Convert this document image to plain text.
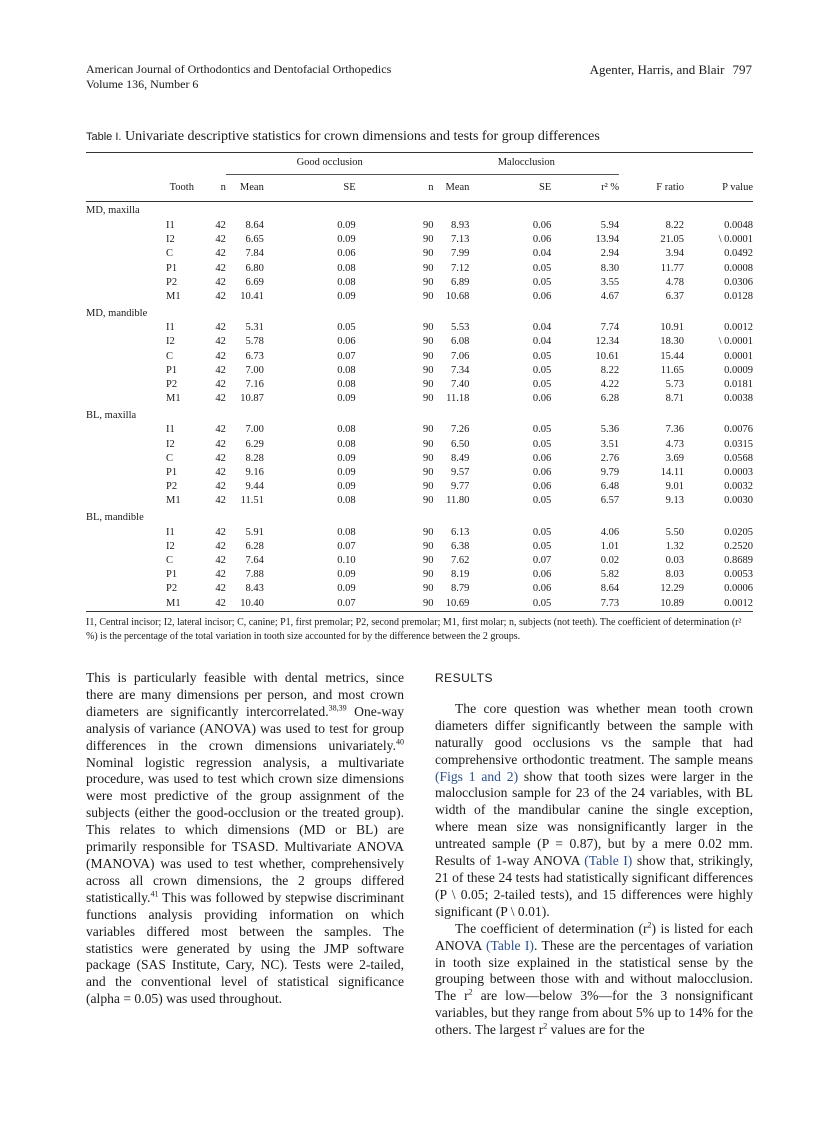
American Journal of Orthodontics and Dentofacial Orthopedics
Volume 136, Number 6
Agenter, Harris, and Blair 797
Table I. Univariate descriptive statistics for crown dimensions and tests for group differences
		Good occlusion			Malocclusion				
Tooth	n	Mean	SE	n	Mean	SE	r² %	F ratio	P value
MD, maxilla									
I1	42	8.64	0.09	90	8.93	0.06	5.94	8.22	0.0048
I2	42	6.65	0.09	90	7.13	0.06	13.94	21.05	\ 0.0001
C	42	7.84	0.06	90	7.99	0.04	2.94	3.94	0.0492
P1	42	6.80	0.08	90	7.12	0.05	8.30	11.77	0.0008
P2	42	6.69	0.08	90	6.89	0.05	3.55	4.78	0.0306
M1	42	10.41	0.09	90	10.68	0.06	4.67	6.37	0.0128
MD, mandible									
I1	42	5.31	0.05	90	5.53	0.04	7.74	10.91	0.0012
I2	42	5.78	0.06	90	6.08	0.04	12.34	18.30	\ 0.0001
C	42	6.73	0.07	90	7.06	0.05	10.61	15.44	0.0001
P1	42	7.00	0.08	90	7.34	0.05	8.22	11.65	0.0009
P2	42	7.16	0.08	90	7.40	0.05	4.22	5.73	0.0181
M1	42	10.87	0.09	90	11.18	0.06	6.28	8.71	0.0038
BL, maxilla									
I1	42	7.00	0.08	90	7.26	0.05	5.36	7.36	0.0076
I2	42	6.29	0.08	90	6.50	0.05	3.51	4.73	0.0315
C	42	8.28	0.09	90	8.49	0.06	2.76	3.69	0.0568
P1	42	9.16	0.09	90	9.57	0.06	9.79	14.11	0.0003
P2	42	9.44	0.09	90	9.77	0.06	6.48	9.01	0.0032
M1	42	11.51	0.08	90	11.80	0.05	6.57	9.13	0.0030
BL, mandible									
I1	42	5.91	0.08	90	6.13	0.05	4.06	5.50	0.0205
I2	42	6.28	0.07	90	6.38	0.05	1.01	1.32	0.2520
C	42	7.64	0.10	90	7.62	0.07	0.02	0.03	0.8689
P1	42	7.88	0.09	90	8.19	0.06	5.82	8.03	0.0053
P2	42	8.43	0.09	90	8.79	0.06	8.64	12.29	0.0006
M1	42	10.40	0.07	90	10.69	0.05	7.73	10.89	0.0012
I1, Central incisor; I2, lateral incisor; C, canine; P1, first premolar; P2, second premolar; M1, first molar; n, subjects (not teeth). The coefficient of determination (r² %) is the percentage of the total variation in tooth size accounted for by the difference between the 2 groups.

This is particularly feasible with dental metrics, since there are many dimensions per person, and most crown diameters are significantly intercorrelated.$^{38,39}$ One-way analysis of variance (ANOVA) was used to test for group differences in the crown dimensions univariately.$^{40}$ Nominal logistic regression analysis, a multivariate procedure, was used to test which crown size dimensions were most predictive of the group assignment of the subjects (either the good-occlusion or the treated group). This relates to which dimensions (MD or BL) are primarily responsible for TSASD. Multivariate ANOVA (MANOVA) was used to test whether, comprehensively across all crown dimensions, the 2 groups differed statistically.$^{41}$ This was followed by stepwise discriminant functions analysis providing information on which variables differed most between the samples. The statistics were generated by using the JMP software package (SAS Institute, Cary, NC). Tests were 2-tailed, and the conventional level of statistical significance (alpha = 0.05) was used throughout.

RESULTS

The core question was whether mean tooth crown diameters differ significantly between the sample with naturally good occlusions vs the sample that had comprehensive orthodontic treatment. The sample means (Figs 1 and 2) show that tooth sizes were larger in the malocclusion sample for 23 of the 24 variables, with BL width of the mandibular canine the single exception, where mean size was nonsignificantly larger in the untreated sample (P = 0.87), but by a mere 0.02 mm. Results of 1-way ANOVA (Table I) show that, strikingly, 21 of these 24 tests had statistically significant differences (P \ 0.05; 2-tailed tests), and 15 differences were highly significant (P \ 0.01).

The coefficient of determination $(r^2)$ is listed for each ANOVA (Table I). These are the percentages of variation in tooth size explained in the statistical sense by the grouping between those with and without malocclusion. The $r^2$ are low—below 3%—for the 3 nonsignificant variables, but they range from about 5% up to 14% for the others. The largest $r^2$ values are for the
